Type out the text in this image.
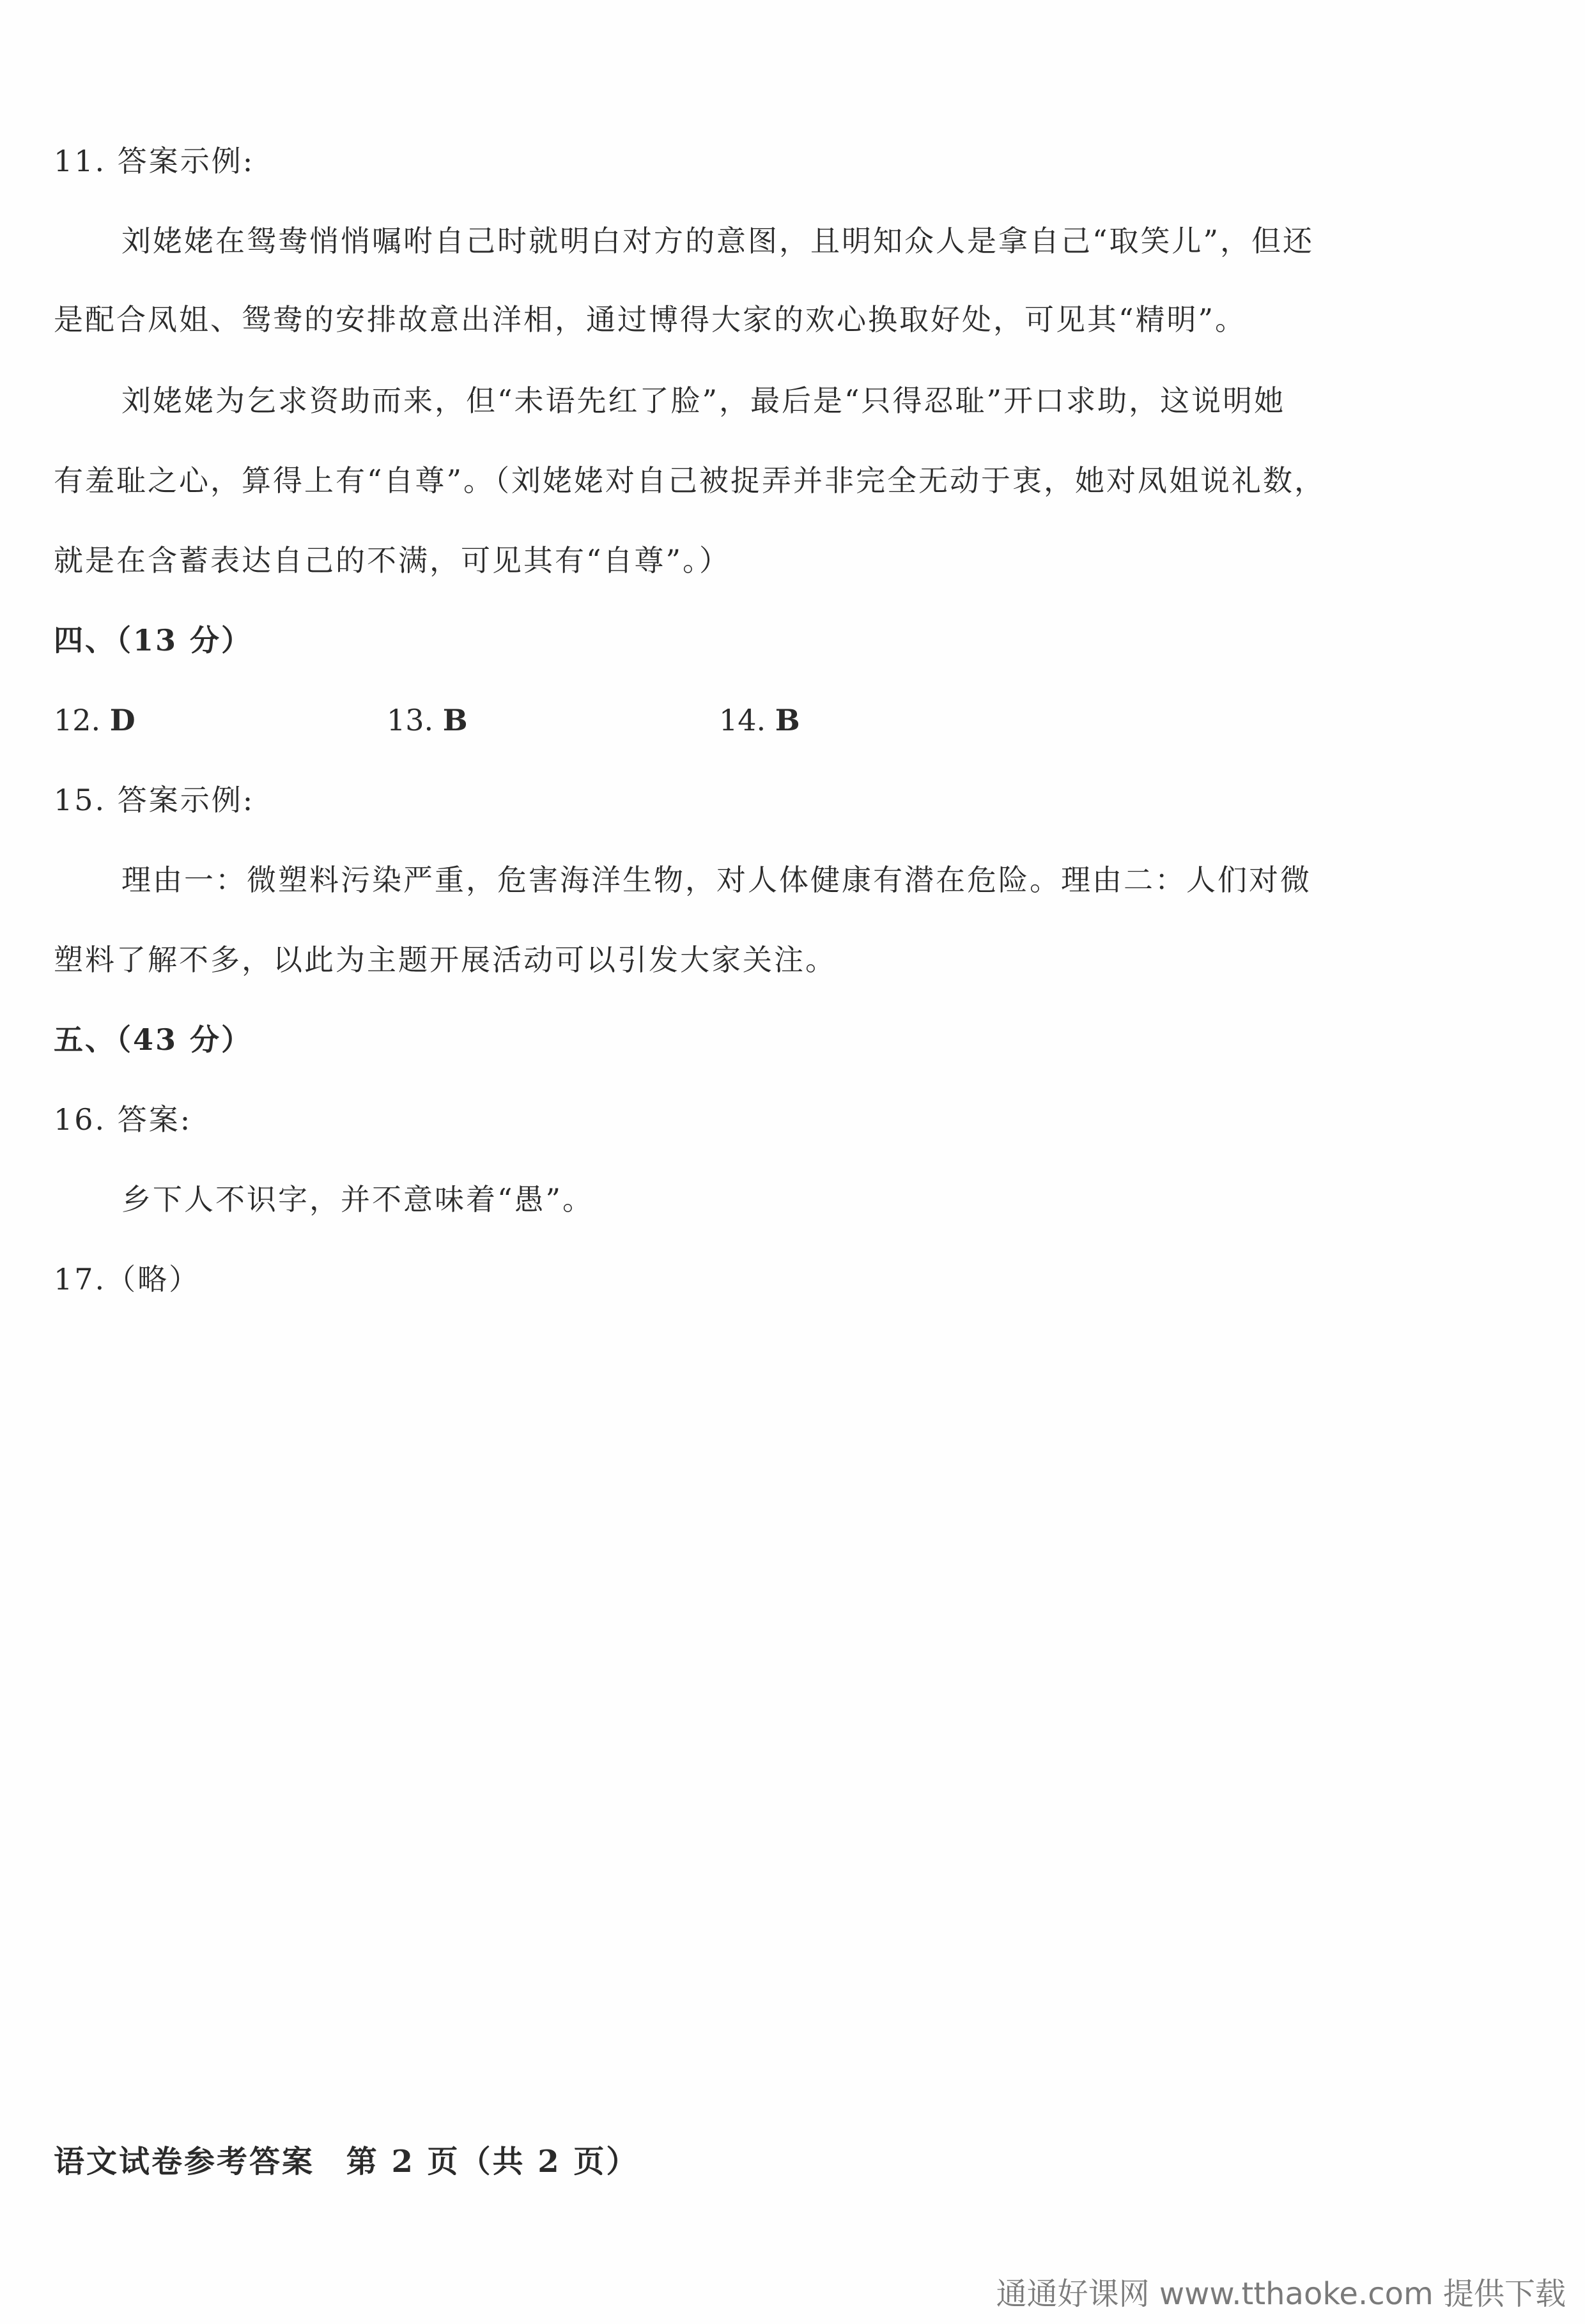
11. 答案示例:
刘姥姥在鸳鸯悄悄嘱咐自己时就明白对方的意图，且明知众人是拿自己“取笑儿”，但还
是配合凤姐、鸳鸯的安排故意出洋相，通过博得大家的欢心换取好处，可见其“精明”。
刘姥姥为乞求资助而来，但“未语先红了脸”，最后是“只得忍耻”开口求助，这说明她
有羞耻之心，算得上有“自尊”。（刘姥姥对自己被捉弄并非完全无动于衷，她对凤姐说礼数，
就是在含蓄表达自己的不满，可见其有“自尊”。）
四、（13 分）
12. D	13. B	14. B
15. 答案示例:
理由一：微塑料污染严重，危害海洋生物，对人体健康有潜在危险。理由二：人们对微
塑料了解不多，以此为主题开展活动可以引发大家关注。
五、（43 分）
16. 答案:
乡下人不识字，并不意味着“愚”。
17.（略）
语文试卷参考答案 第 2 页（共 2 页）
通通好课网 www.tthaoke.com 提供下载
